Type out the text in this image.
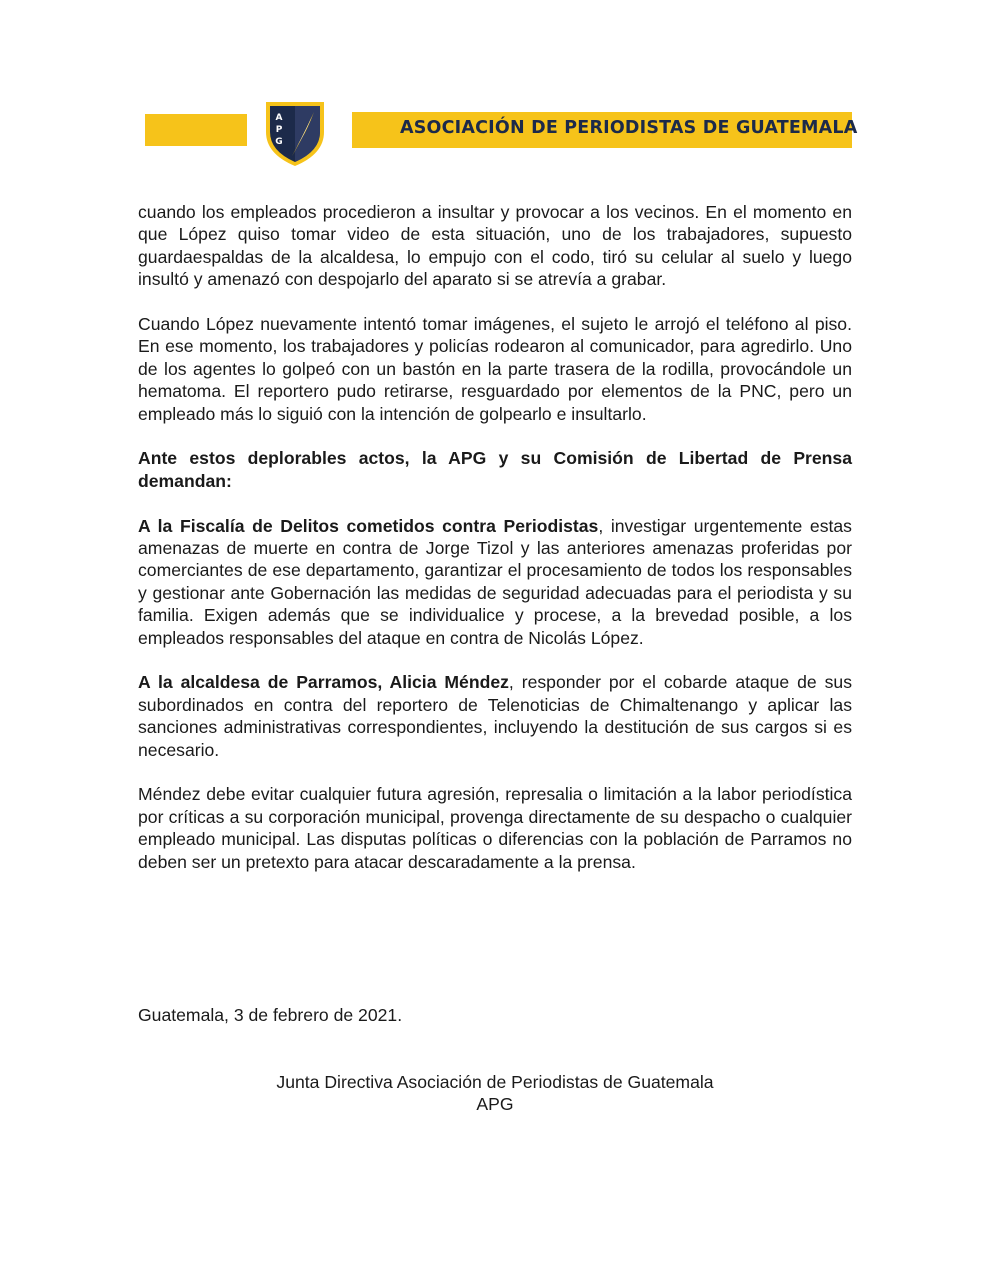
A
P
G
ASOCIACIÓN DE PERIODISTAS DE GUATEMALA

cuando los empleados procedieron a insultar y provocar a los vecinos. En el momento en que López quiso tomar video de esta situación, uno de los trabajadores, supuesto guardaespaldas de la alcaldesa, lo empujo con el codo, tiró su celular al suelo y luego insultó y amenazó con despojarlo del aparato si se atrevía a grabar.

Cuando López nuevamente intentó tomar imágenes, el sujeto le arrojó el teléfono al piso. En ese momento, los trabajadores y policías rodearon al comunicador, para agredirlo. Uno de los agentes lo golpeó con un bastón en la parte trasera de la rodilla, provocándole un hematoma. El reportero pudo retirarse, resguardado por elementos de la PNC, pero un empleado más lo siguió con la intención de golpearlo e insultarlo.

Ante estos deplorables actos, la APG y su Comisión de Libertad de Prensa demandan:

A la Fiscalía de Delitos cometidos contra Periodistas, investigar urgentemente estas amenazas de muerte en contra de Jorge Tizol y las anteriores amenazas proferidas por comerciantes de ese departamento, garantizar el procesamiento de todos los responsables y gestionar ante Gobernación las medidas de seguridad adecuadas para el periodista y su familia. Exigen además que se individualice y procese, a la brevedad posible, a los empleados responsables del ataque en contra de Nicolás López.

A la alcaldesa de Parramos, Alicia Méndez, responder por el cobarde ataque de sus subordinados en contra del reportero de Telenoticias de Chimaltenango y aplicar las sanciones administrativas correspondientes, incluyendo la destitución de sus cargos si es necesario.

Méndez debe evitar cualquier futura agresión, represalia o limitación a la labor periodística por críticas a su corporación municipal, provenga directamente de su despacho o cualquier empleado municipal. Las disputas políticas o diferencias con la población de Parramos no deben ser un pretexto para atacar descaradamente a la prensa.

Guatemala, 3 de febrero de 2021.
Junta Directiva Asociación de Periodistas de Guatemala
APG
